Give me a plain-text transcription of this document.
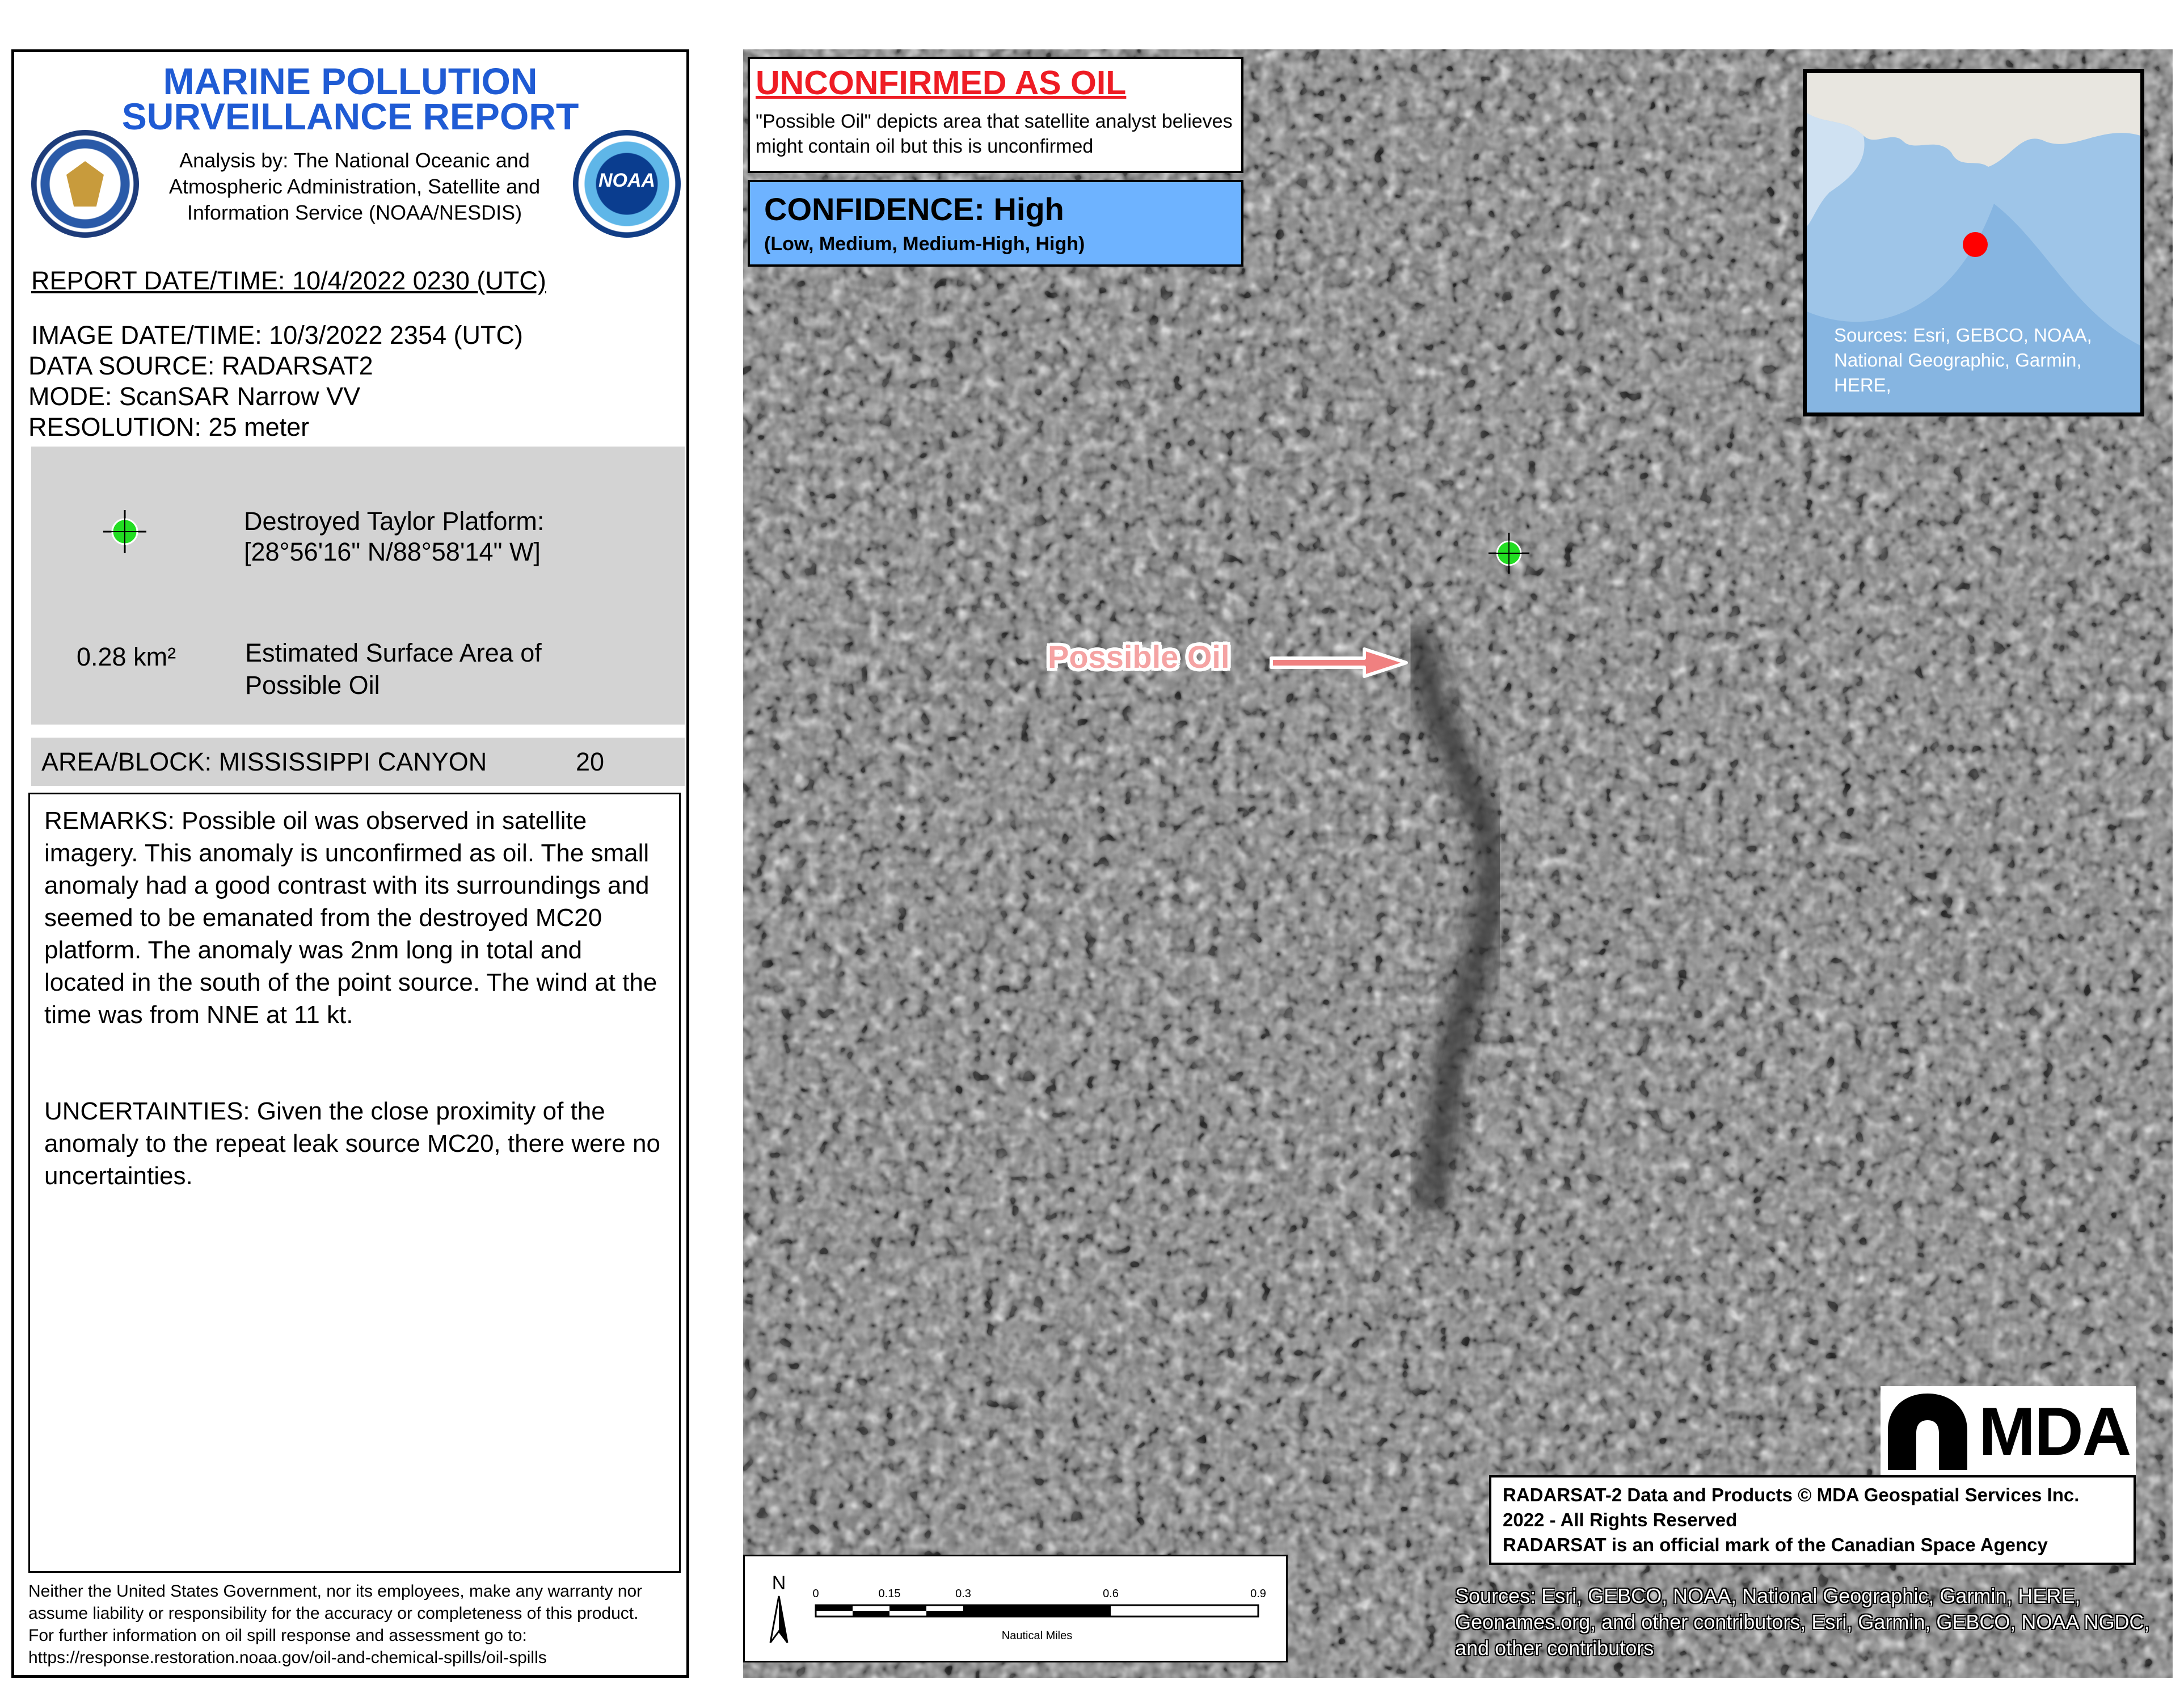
MARINE POLLUTION
SURVEILLANCE REPORT
NOAA
Analysis by: The National Oceanic and Atmospheric Administration, Satellite and Information Service (NOAA/NESDIS)
REPORT DATE/TIME: 10/4/2022 0230 (UTC)
IMAGE DATE/TIME: 10/3/2022 2354 (UTC)
DATA SOURCE: RADARSAT2
MODE: ScanSAR Narrow VV
RESOLUTION: 25 meter
Destroyed Taylor Platform:
[28°56'16" N/88°58'14" W]
0.28 km²	Estimated Surface Area of
Possible Oil
AREA/BLOCK: MISSISSIPPI CANYON	20
REMARKS: Possible oil was observed in satellite imagery. This anomaly is unconfirmed as oil. The small anomaly had a good contrast with its surroundings and seemed to be emanated from the destroyed MC20 platform. The anomaly was 2nm long in total and located in the south of the point source. The wind at the time was from NNE at 11 kt.
UNCERTAINTIES: Given the close proximity of the anomaly to the repeat leak source MC20, there were no uncertainties.
Neither the United States Government, nor its employees, make any warranty nor assume liability or responsibility for the accuracy or completeness of this product.
For further information on oil spill response and assessment go to:
https://response.restoration.noaa.gov/oil-and-chemical-spills/oil-spills
UNCONFIRMED AS OIL
"Possible Oil" depicts area that satellite analyst believes might contain oil but this is unconfirmed
CONFIDENCE: High
(Low, Medium, Medium-High, High)
Sources: Esri, GEBCO, NOAA, National Geographic, Garmin, HERE,
Possible Oil
MDA
RADARSAT-2 Data and Products © MDA Geospatial Services Inc.
2022 - All Rights Reserved
RADARSAT is an official mark of the Canadian Space Agency
N 0	0.15	0.3	0.6	0.9
Nautical Miles
Sources: Esri, GEBCO, NOAA, National Geographic, Garmin, HERE, Geonames.org, and other contributors, Esri, Garmin, GEBCO, NOAA NGDC, and other contributors
